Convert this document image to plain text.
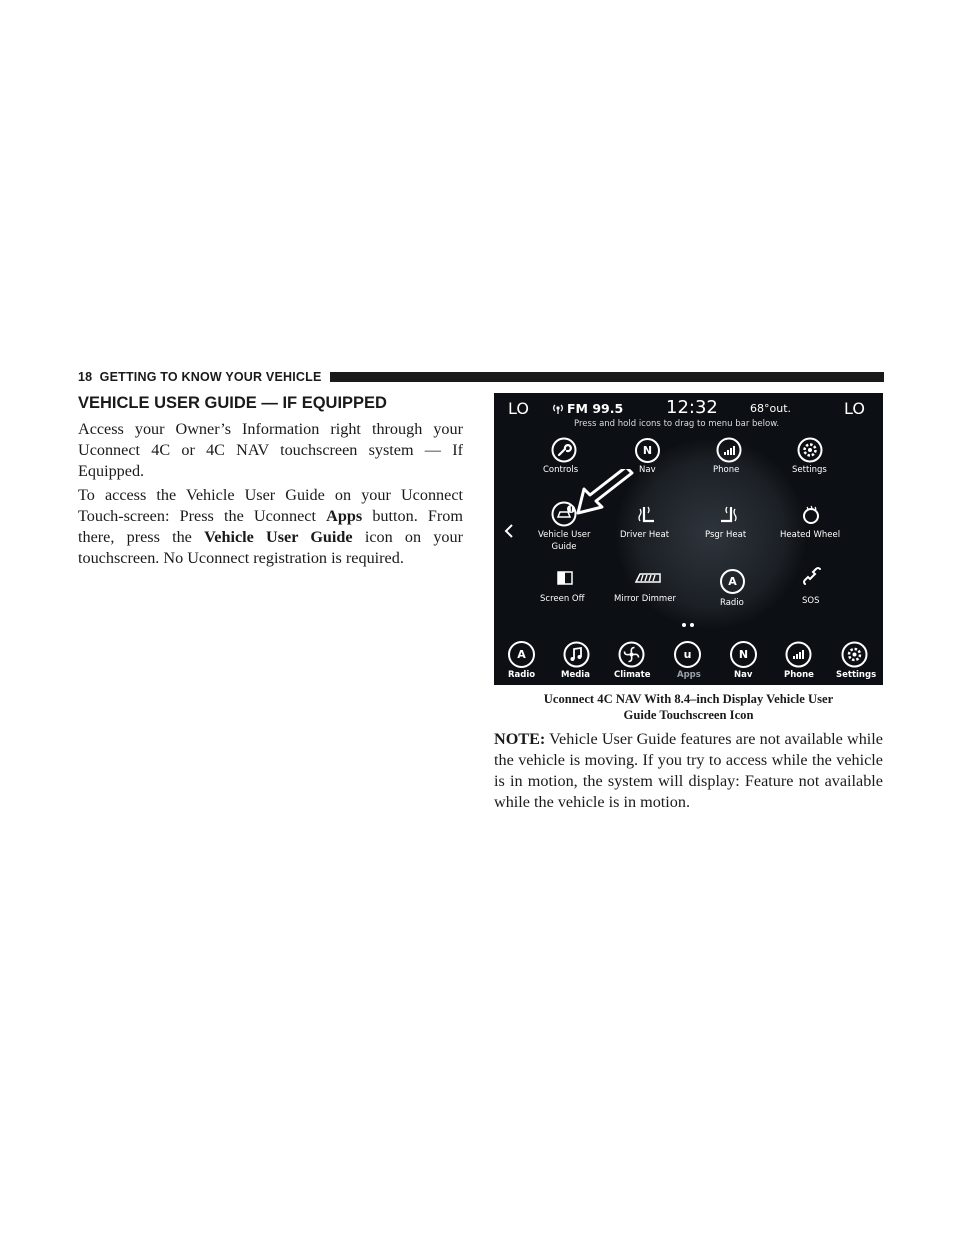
18 GETTING TO KNOW YOUR VEHICLE
VEHICLE USER GUIDE — IF EQUIPPED
Access your Owner’s Information right through your Uconnect 4C or 4C NAV touchscreen system — If Equipped.
To access the Vehicle User Guide on your Uconnect Touch-screen: Press the Uconnect Apps button. From there, press the Vehicle User Guide icon on your touchscreen. No Uconnect registration is required.
LO	LO
FM 99.5 12:32	68°out.
Press and hold icons to drag to menu bar below.
Controls
N
Nav	Phone	Settings
!
Vehicle User
Guide
Driver Heat	Psgr Heat	Heated Wheel
Screen Off	Mirror Dimmer
A
Radio	SOS
A
Radio	Media	Climate
u
Apps
N
Nav	Phone	Settings
Uconnect 4C NAV With 8.4–inch Display Vehicle User
Guide Touchscreen Icon
NOTE: Vehicle User Guide features are not available while the vehicle is moving. If you try to access while the vehicle is in motion, the system will display: Feature not available while the vehicle is in motion.
